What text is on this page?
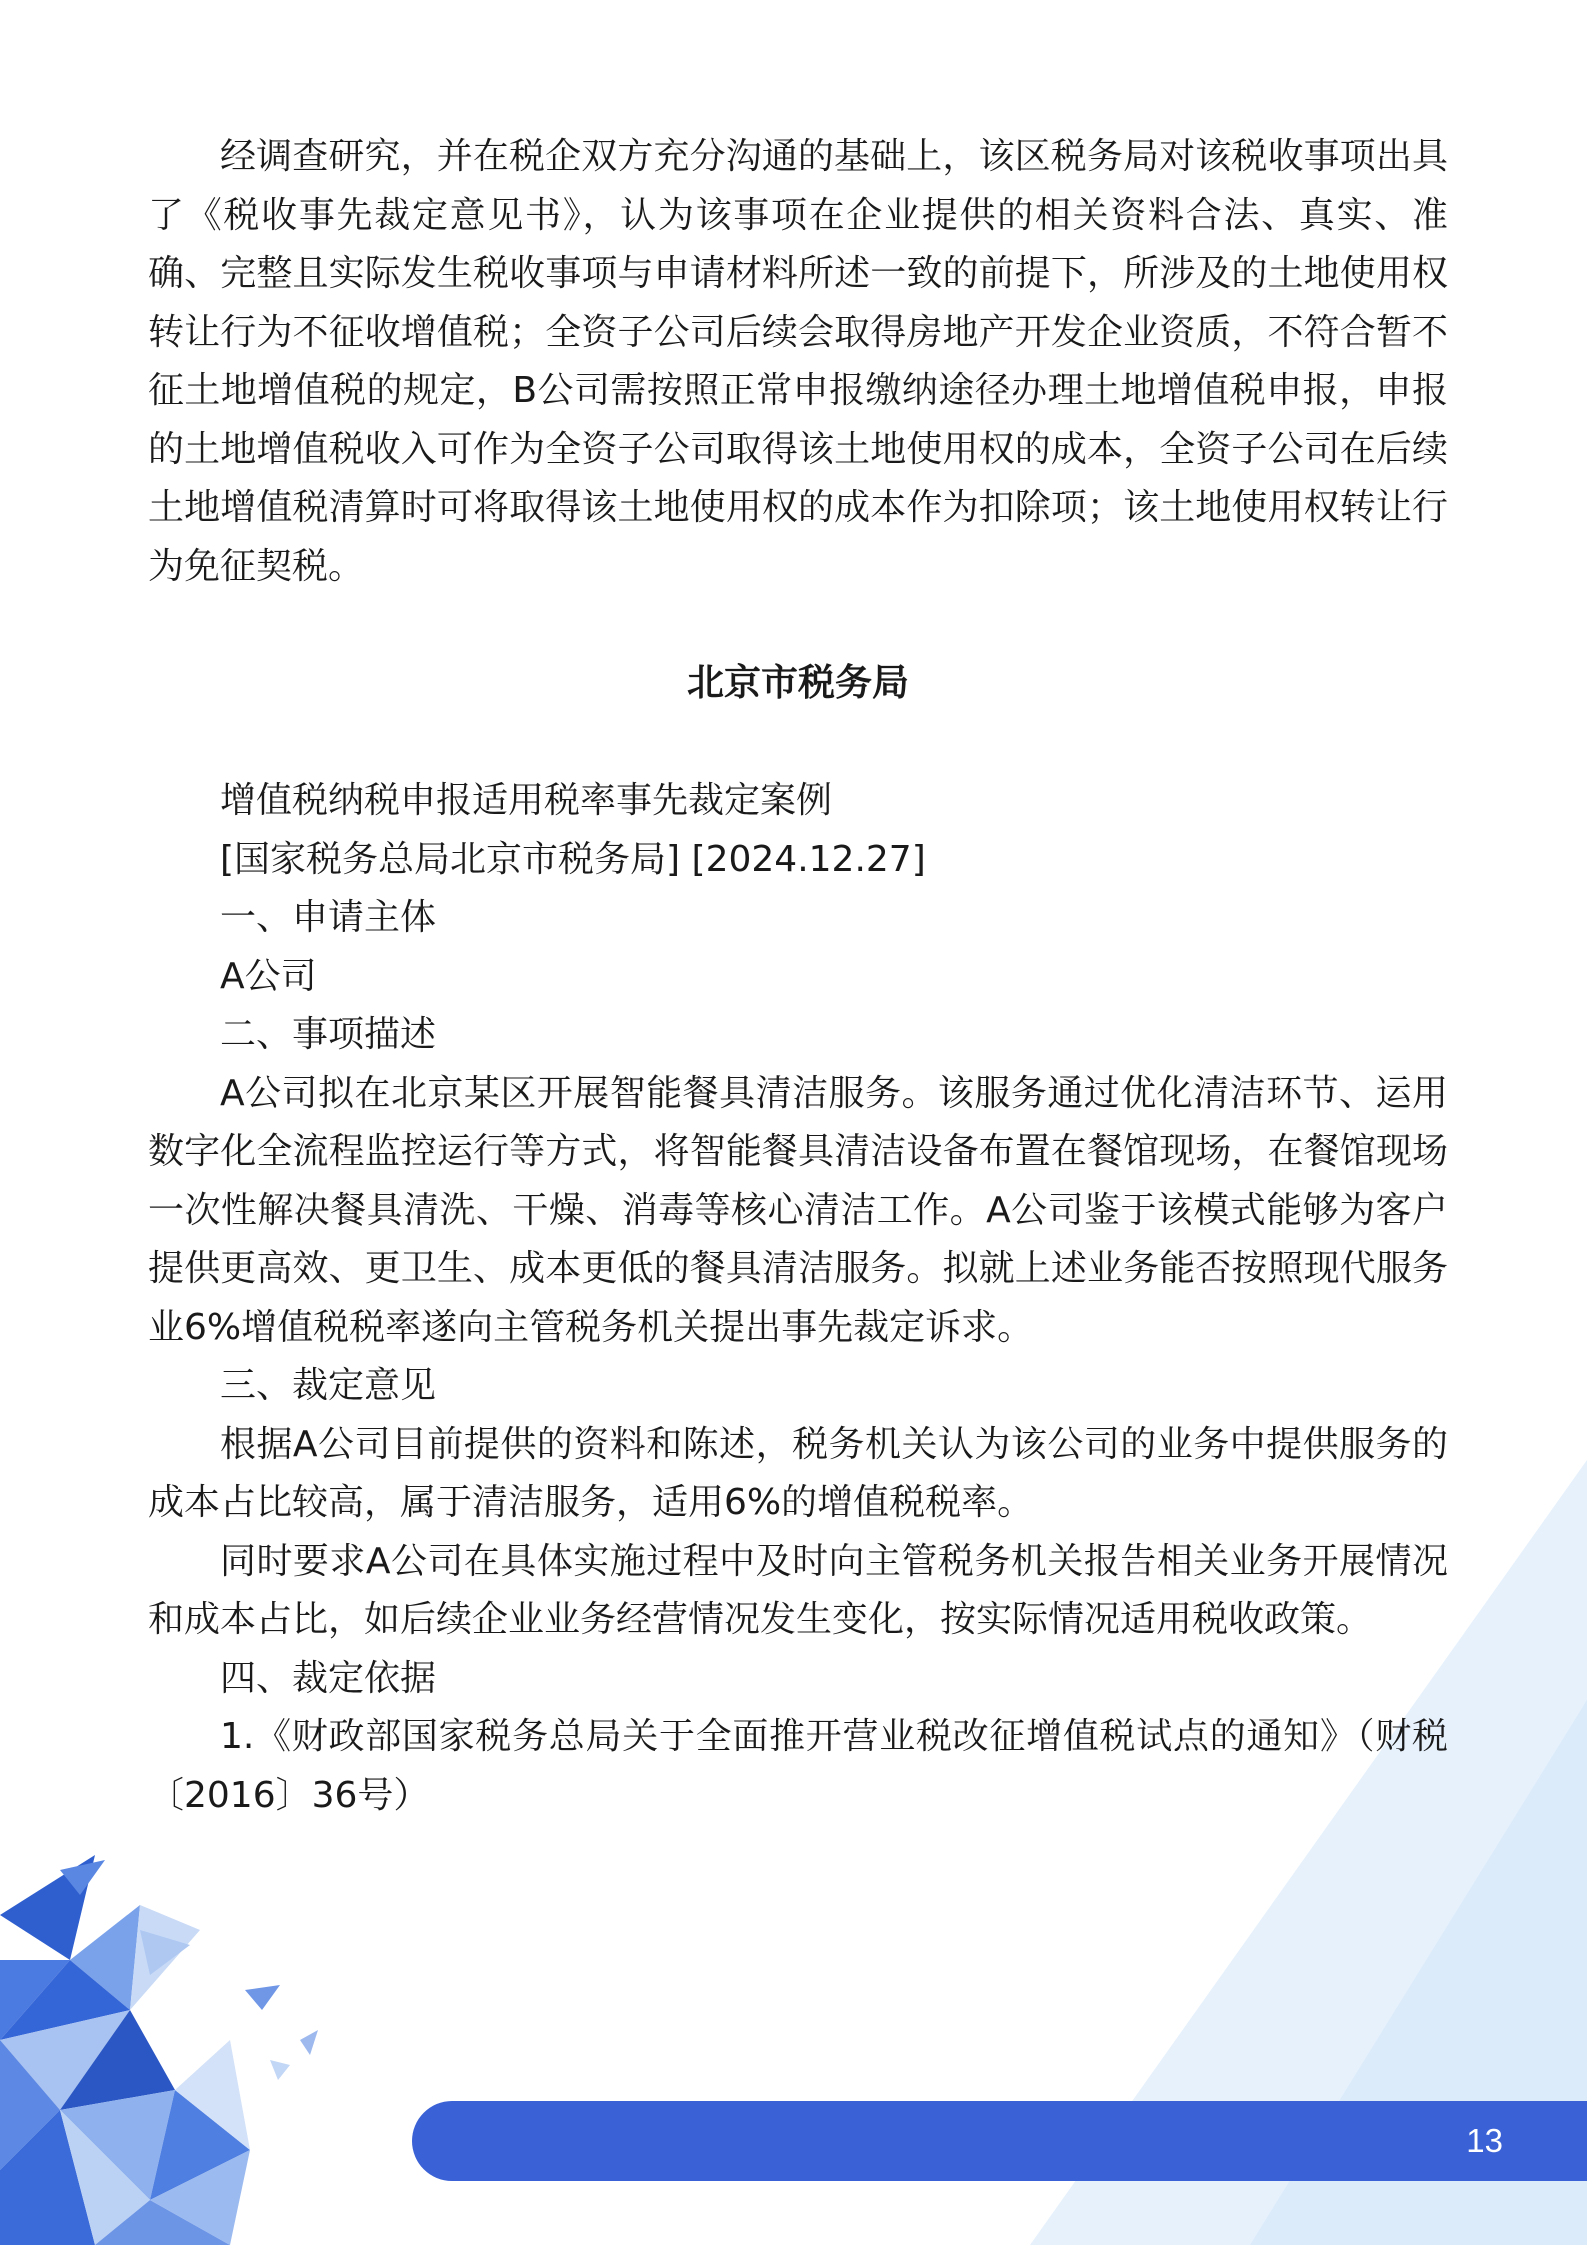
经调查研究，并在税企双方充分沟通的基础上，该区税务局对该税收事项出具了《税收事先裁定意见书》，认为该事项在企业提供的相关资料合法、真实、准确、完整且实际发生税收事项与申请材料所述一致的前提下，所涉及的土地使用权转让行为不征收增值税；全资子公司后续会取得房地产开发企业资质，不符合暂不征土地增值税的规定，B公司需按照正常申报缴纳途径办理土地增值税申报，申报的土地增值税收入可作为全资子公司取得该土地使用权的成本，全资子公司在后续土地增值税清算时可将取得该土地使用权的成本作为扣除项；该土地使用权转让行为免征契税。

北京市税务局

增值税纳税申报适用税率事先裁定案例

[国家税务总局北京市税务局] [2024.12.27]

一、申请主体

A公司

二、事项描述

A公司拟在北京某区开展智能餐具清洁服务。该服务通过优化清洁环节、运用数字化全流程监控运行等方式，将智能餐具清洁设备布置在餐馆现场，在餐馆现场一次性解决餐具清洗、干燥、消毒等核心清洁工作。A公司鉴于该模式能够为客户提供更高效、更卫生、成本更低的餐具清洁服务。拟就上述业务能否按照现代服务业6%增值税税率遂向主管税务机关提出事先裁定诉求。

三、裁定意见

根据A公司目前提供的资料和陈述，税务机关认为该公司的业务中提供服务的成本占比较高，属于清洁服务，适用6%的增值税税率。

同时要求A公司在具体实施过程中及时向主管税务机关报告相关业务开展情况和成本占比，如后续企业业务经营情况发生变化，按实际情况适用税收政策。

四、裁定依据

1.《财政部国家税务总局关于全面推开营业税改征增值税试点的通知》（财税〔2016〕36号）

13
